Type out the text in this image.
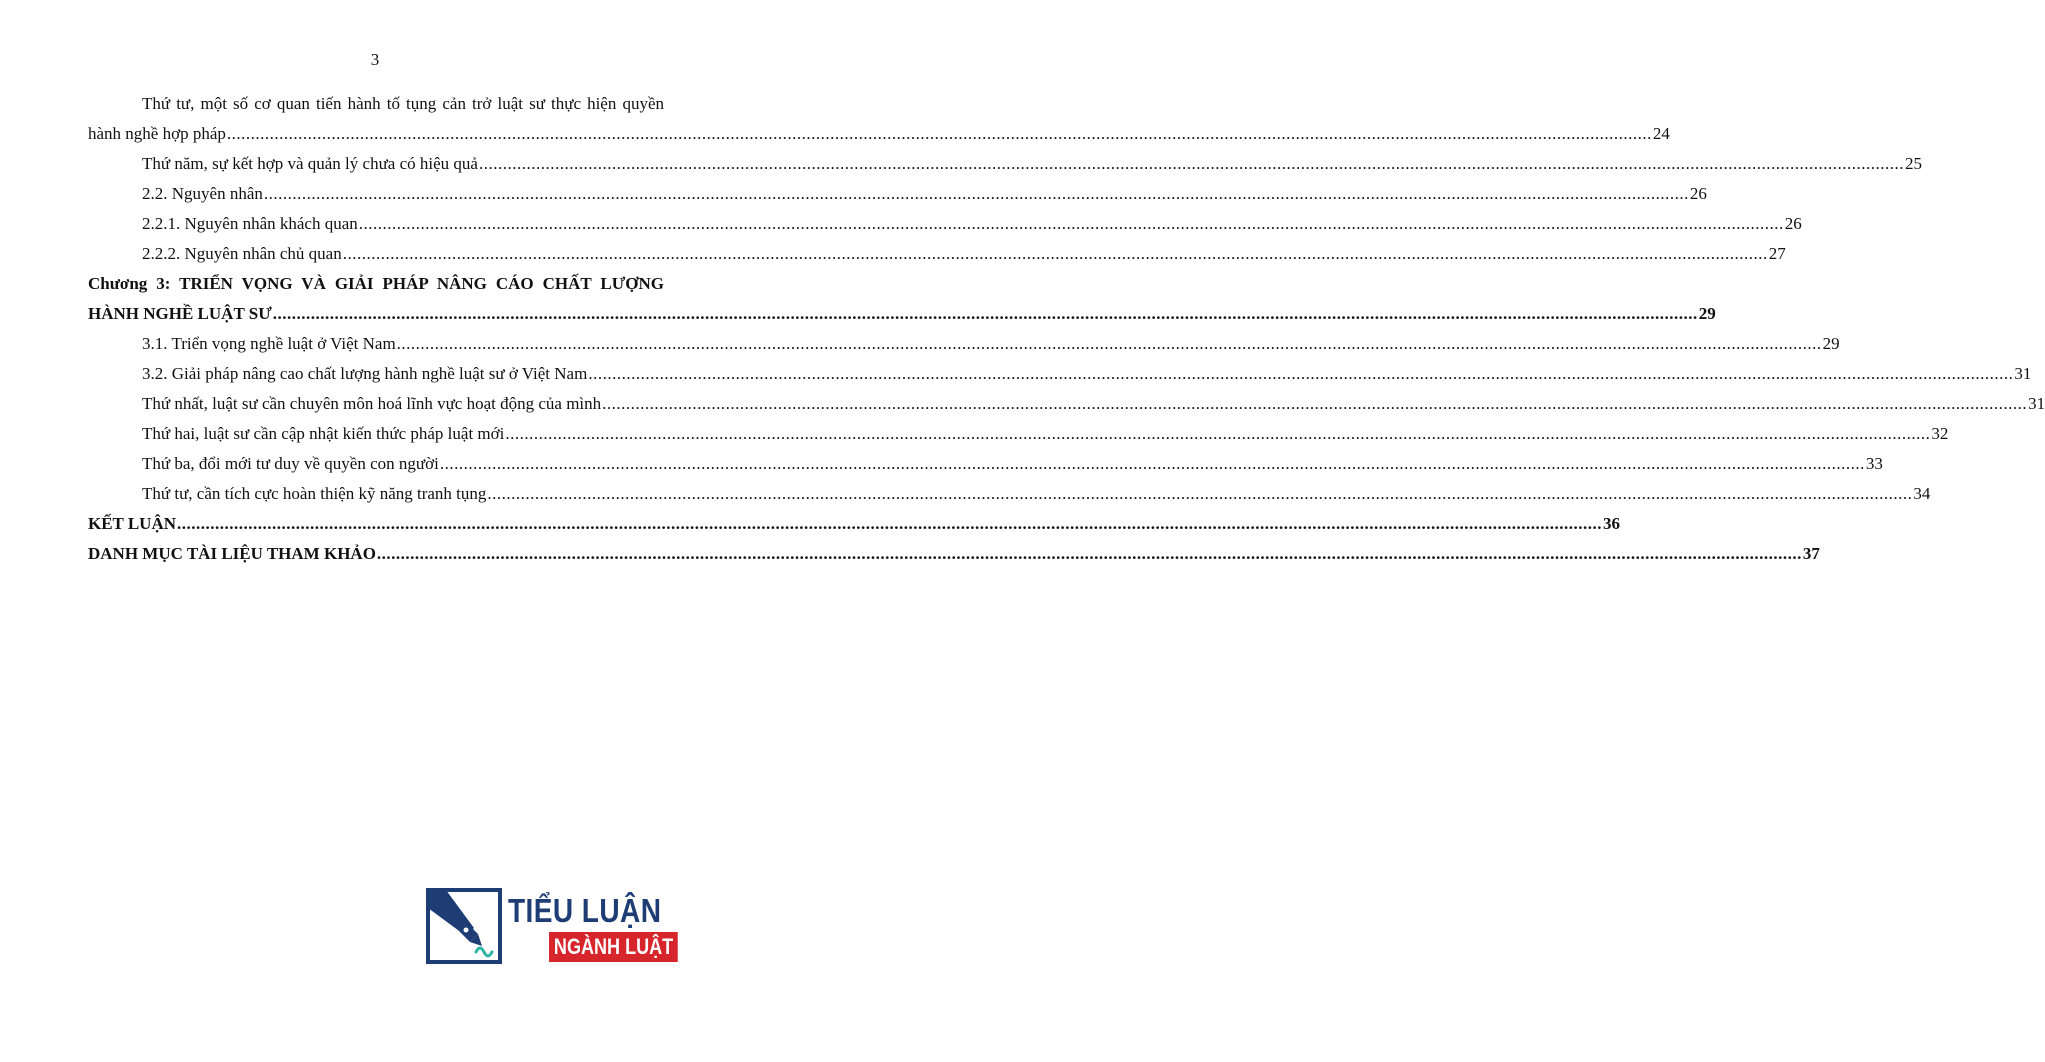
3
Thứ tư, một số cơ quan tiến hành tố tụng cản trở luật sư thực hiện quyền
hành nghề hợp pháp ............................................................................................................................................................................................................................................................................................................ 24
Thứ năm, sự kết hợp và quản lý chưa có hiệu quả ............................................................................................................................................................................................................................................................................................................ 25
2.2. Nguyên nhân ............................................................................................................................................................................................................................................................................................................ 26
2.2.1. Nguyên nhân khách quan ............................................................................................................................................................................................................................................................................................................ 26
2.2.2. Nguyên nhân chủ quan ............................................................................................................................................................................................................................................................................................................ 27
Chương 3: TRIỂN VỌNG VÀ GIẢI PHÁP NÂNG CÁO CHẤT LƯỢNG
HÀNH NGHỀ LUẬT SƯ ............................................................................................................................................................................................................................................................................................................ 29
3.1. Triển vọng nghề luật ở Việt Nam ............................................................................................................................................................................................................................................................................................................ 29
3.2. Giải pháp nâng cao chất lượng hành nghề luật sư ở Việt Nam ............................................................................................................................................................................................................................................................................................................ 31
Thứ nhất, luật sư cần chuyên môn hoá lĩnh vực hoạt động của mình ............................................................................................................................................................................................................................................................................................................ 31
Thứ hai, luật sư cần cập nhật kiến thức pháp luật mới ............................................................................................................................................................................................................................................................................................................ 32
Thứ ba, đổi mới tư duy về quyền con người ............................................................................................................................................................................................................................................................................................................ 33
Thứ tư, cần tích cực hoàn thiện kỹ năng tranh tụng ............................................................................................................................................................................................................................................................................................................ 34
KẾT LUẬN ............................................................................................................................................................................................................................................................................................................ 36
DANH MỤC TÀI LIỆU THAM KHẢO ............................................................................................................................................................................................................................................................................................................ 37
TIỂU LUẬN
NGÀNH LUẬT
